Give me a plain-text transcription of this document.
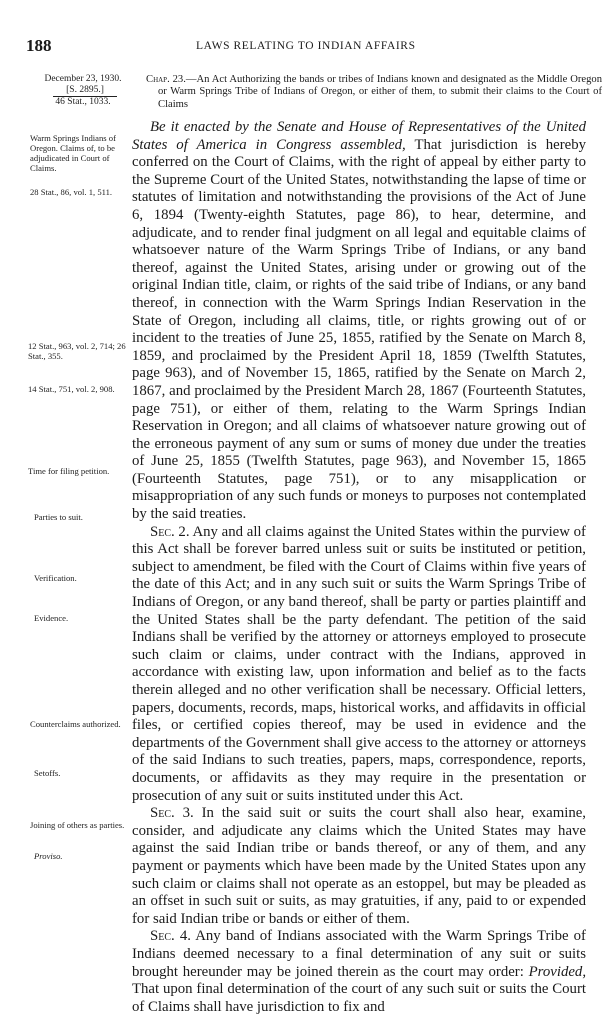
188	LAWS RELATING TO INDIAN AFFAIRS
December 23, 1930.

[S. 2895.]
46 Stat., 1033.
Warm Springs Indians of Oregon. Claims of, to be adjudicated in Court of Claims.
28 Stat., 86, vol. 1, 511.
12 Stat., 963, vol. 2, 714; 26 Stat., 355.
14 Stat., 751, vol. 2, 908.
Time for filing petition.
Parties to suit.
Verification.
Evidence.
Counterclaims authorized.
Setoffs.
Joining of others as parties.
Proviso.
Chap. 23.—An Act Authorizing the bands or tribes of Indians known and designated as the Middle Oregon or Warm Springs Tribe of Indians of Oregon, or either of them, to submit their claims to the Court of Claims

Be it enacted by the Senate and House of Representatives of the United States of America in Congress assembled, That jurisdiction is hereby conferred on the Court of Claims, with the right of appeal by either party to the Supreme Court of the United States, notwithstanding the lapse of time or statutes of limitation and notwithstanding the provisions of the Act of June 6, 1894 (Twenty-eighth Statutes, page 86), to hear, determine, and adjudicate, and to render final judgment on all legal and equitable claims of whatsoever nature of the Warm Springs Tribe of Indians, or any band thereof, against the United States, arising under or growing out of the original Indian title, claim, or rights of the said tribe of Indians, or any band thereof, in connection with the Warm Springs Indian Reservation in the State of Oregon, including all claims, title, or rights growing out of or incident to the treaties of June 25, 1855, ratified by the Senate on March 8, 1859, and proclaimed by the President April 18, 1859 (Twelfth Statutes, page 963), and of November 15, 1865, ratified by the Senate on March 2, 1867, and proclaimed by the President March 28, 1867 (Fourteenth Statutes, page 751), or either of them, relating to the Warm Springs Indian Reservation in Oregon; and all claims of whatsoever nature growing out of the erroneous payment of any sum or sums of money due under the treaties of June 25, 1855 (Twelfth Statutes, page 963), and November 15, 1865 (Fourteenth Statutes, page 751), or to any misapplication or misappropriation of any such funds or moneys to purposes not contemplated by the said treaties.

Sec. 2. Any and all claims against the United States within the purview of this Act shall be forever barred unless suit or suits be instituted or petition, subject to amendment, be filed with the Court of Claims within five years of the date of this Act; and in any such suit or suits the Warm Springs Tribe of Indians of Oregon, or any band thereof, shall be party or parties plaintiff and the United States shall be the party defendant. The petition of the said Indians shall be verified by the attorney or attorneys employed to prosecute such claim or claims, under contract with the Indians, approved in accordance with existing law, upon information and belief as to the facts therein alleged and no other verification shall be necessary. Official letters, papers, documents, records, maps, historical works, and affidavits in official files, or certified copies thereof, may be used in evidence and the departments of the Government shall give access to the attorney or attorneys of the said Indians to such treaties, papers, maps, correspondence, reports, documents, or affidavits as they may require in the presentation or prosecution of any suit or suits instituted under this Act.

Sec. 3. In the said suit or suits the court shall also hear, examine, consider, and adjudicate any claims which the United States may have against the said Indian tribe or bands thereof, or any of them, and any payment or payments which have been made by the United States upon any such claim or claims shall not operate as an estoppel, but may be pleaded as an offset in such suit or suits, as may gratuities, if any, paid to or expended for said Indian tribe or bands or either of them.

Sec. 4. Any band of Indians associated with the Warm Springs Tribe of Indians deemed necessary to a final determination of any suit or suits brought hereunder may be joined therein as the court may order: Provided, That upon final determination of the court of any such suit or suits the Court of Claims shall have jurisdiction to fix and
